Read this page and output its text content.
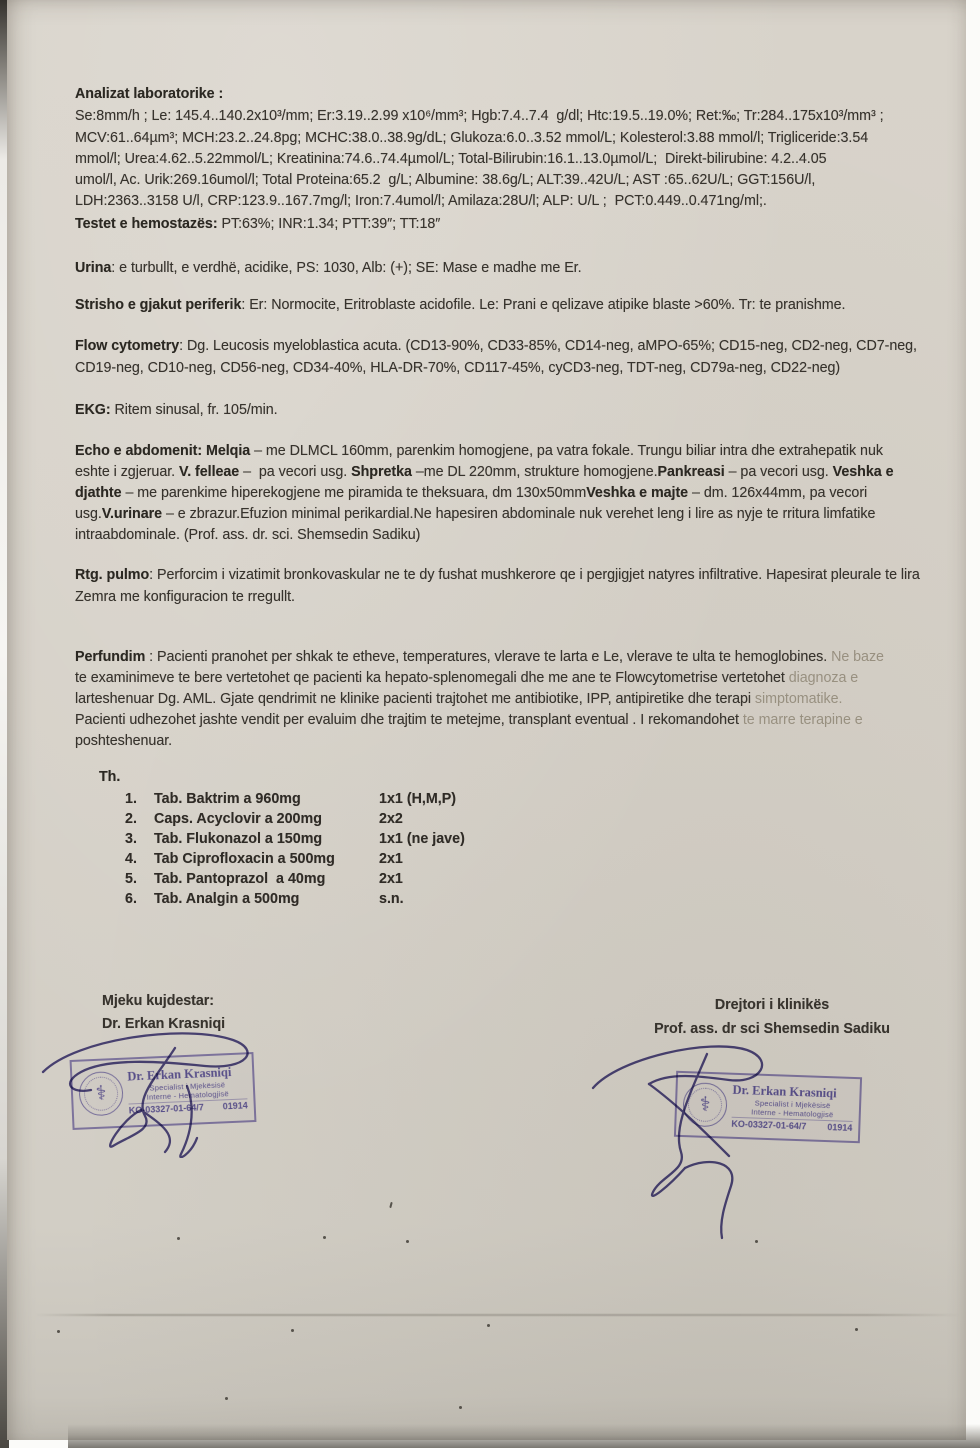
Analizat laboratorike :
Se:8mm/h ; Le: 145.4..140.2x10³/mm; Er:3.19..2.99 x10⁶/mm³; Hgb:7.4..7.4  g/dl; Htc:19.5..19.0%; Ret:‰; Tr:284..175x10³/mm³ ;
MCV:61..64µm³; MCH:23.2..24.8pg; MCHC:38.0..38.9g/dL; Glukoza:6.0..3.52 mmol/L; Kolesterol:3.88 mmol/l; Trigliceride:3.54
mmol/l; Urea:4.62..5.22mmol/L; Kreatinina:74.6..74.4µmol/L; Total-Bilirubin:16.1..13.0µmol/L;  Direkt-bilirubine: 4.2..4.05
umol/l, Ac. Urik:269.16umol/l; Total Proteina:65.2  g/L; Albumine: 38.6g/L; ALT:39..42U/L; AST :65..62U/L; GGT:156U/l,
LDH:2363..3158 U/l, CRP:123.9..167.7mg/l; Iron:7.4umol/l; Amilaza:28U/l; ALP: U/L ;  PCT:0.449..0.471ng/ml;.
Testet e hemostazës: PT:63%; INR:1.34; PTT:39″; TT:18″
Urina: e turbullt, e verdhë, acidike, PS: 1030, Alb: (+); SE: Mase e madhe me Er.
Strisho e gjakut periferik: Er: Normocite, Eritroblaste acidofile. Le: Prani e qelizave atipike blaste >60%. Tr: te pranishme.
Flow cytometry: Dg. Leucosis myeloblastica acuta. (CD13-90%, CD33-85%, CD14-neg, aMPO-65%; CD15-neg, CD2-neg, CD7-neg,
CD19-neg, CD10-neg, CD56-neg, CD34-40%, HLA-DR-70%, CD117-45%, cyCD3-neg, TDT-neg, CD79a-neg, CD22-neg)
EKG: Ritem sinusal, fr. 105/min.
Echo e abdomenit: Melqia – me DLMCL 160mm, parenkim homogjene, pa vatra fokale. Trungu biliar intra dhe extrahepatik nuk
eshte i zgjeruar. V. felleae –  pa vecori usg. Shpretka –me DL 220mm, strukture homogjene.Pankreasi – pa vecori usg. Veshka e
djathte – me parenkime hiperekogjene me piramida te theksuara, dm 130x50mmVeshka e majte – dm. 126x44mm, pa vecori
usg.V.urinare – e zbrazur.Efuzion minimal perikardial.Ne hapesiren abdominale nuk verehet leng i lire as nyje te rritura limfatike
intraabdominale. (Prof. ass. dr. sci. Shemsedin Sadiku)
Rtg. pulmo: Perforcim i vizatimit bronkovaskular ne te dy fushat mushkerore qe i pergjigjet natyres infiltrative. Hapesirat pleurale te lira
Zemra me konfiguracion te rregullt.
Perfundim : Pacienti pranohet per shkak te etheve, temperatures, vlerave te larta e Le, vlerave te ulta te hemoglobines. Ne baze
te examinimeve te bere vertetohet qe pacienti ka hepato-splenomegali dhe me ane te Flowcytometrise vertetohet diagnoza e
larteshenuar Dg. AML. Gjate qendrimit ne klinike pacienti trajtohet me antibiotike, IPP, antipiretike dhe terapi simptomatike.
Pacienti udhezohet jashte vendit per evaluim dhe trajtim te metejme, transplant eventual . I rekomandohet te marre terapine e
poshteshenuar.
Th.
1. Tab. Baktrim a 960mg	1x1 (H,M,P)
2. Caps. Acyclovir a 200mg	2x2
3. Tab. Flukonazol a 150mg	1x1 (ne jave)
4. Tab Ciprofloxacin a 500mg	2x1
5. Tab. Pantoprazol  a 40mg	2x1
6. Tab. Analgin a 500mg	s.n.
Mjeku kujdestar:
Dr. Erkan Krasniqi
Drejtori i klinikës
Prof. ass. dr sci Shemsedin Sadiku
⚕
Dr. Erkan Krasniqi
Specialist i Mjekësisë
Interne - Hematologjisë
KO-03327-01-64/7 01914	⚕
Dr. Erkan Krasniqi
Specialist i Mjekësisë
Interne - Hematologjisë
KO-03327-01-64/7 01914
